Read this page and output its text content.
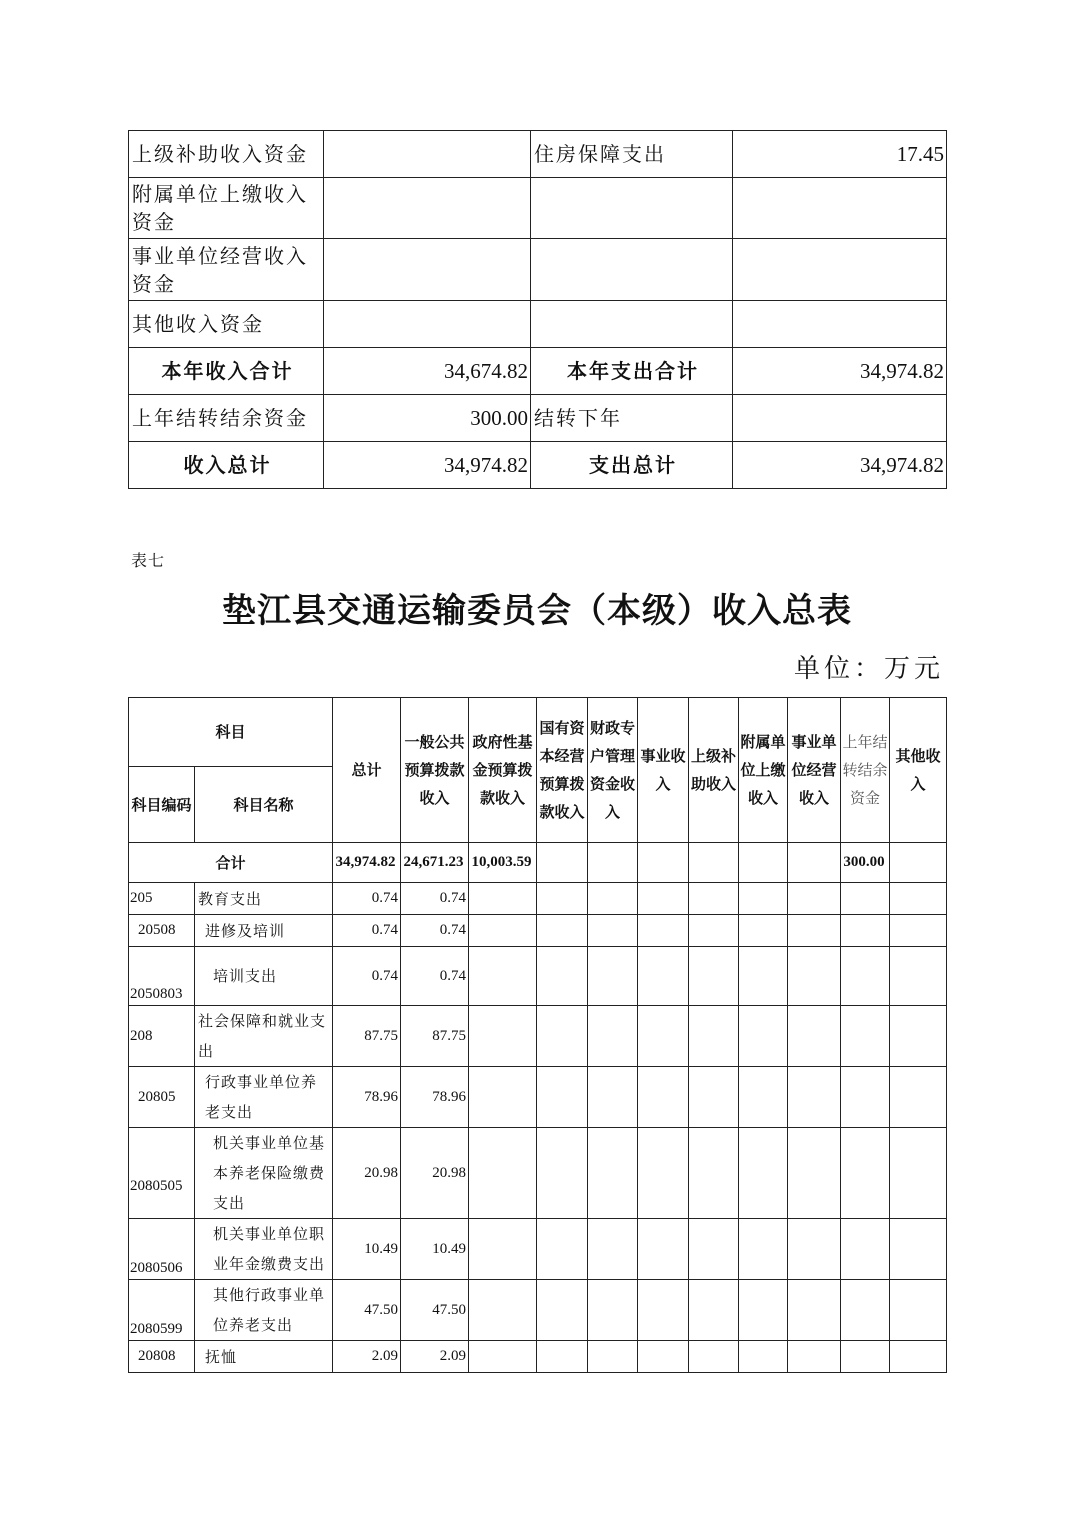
上级补助收入资金		住房保障支出	17.45
附属单位上缴收入资金			
事业单位经营收入资金			
其他收入资金			
本年收入合计	34,674.82	本年支出合计	34,974.82
上年结转结余资金	300.00	结转下年	
收入总计	34,974.82	支出总计	34,974.82
表七
垫江县交通运输委员会（本级）收入总表
单位：万元
科目		总计	一般公共预算拨款收入	政府性基金预算拨款收入	国有资本经营预算拨款收入	财政专户管理资金收入	事业收入	上级补助收入	附属单位上缴收入	事业单位经营收入	上年结转结余资金	其他收入
科目编码	科目名称											
合计		34,974.82	24,671.23	10,003.59							300.00	
205	教育支出	0.74	0.74									
20508	进修及培训	0.74	0.74									
2050803	培训支出	0.74	0.74									
208	社会保障和就业支出	87.75	87.75									
20805	行政事业单位养老支出	78.96	78.96									
2080505	机关事业单位基本养老保险缴费支出	20.98	20.98									
2080506	机关事业单位职业年金缴费支出	10.49	10.49									
2080599	其他行政事业单位养老支出	47.50	47.50									
20808	抚恤	2.09	2.09									
